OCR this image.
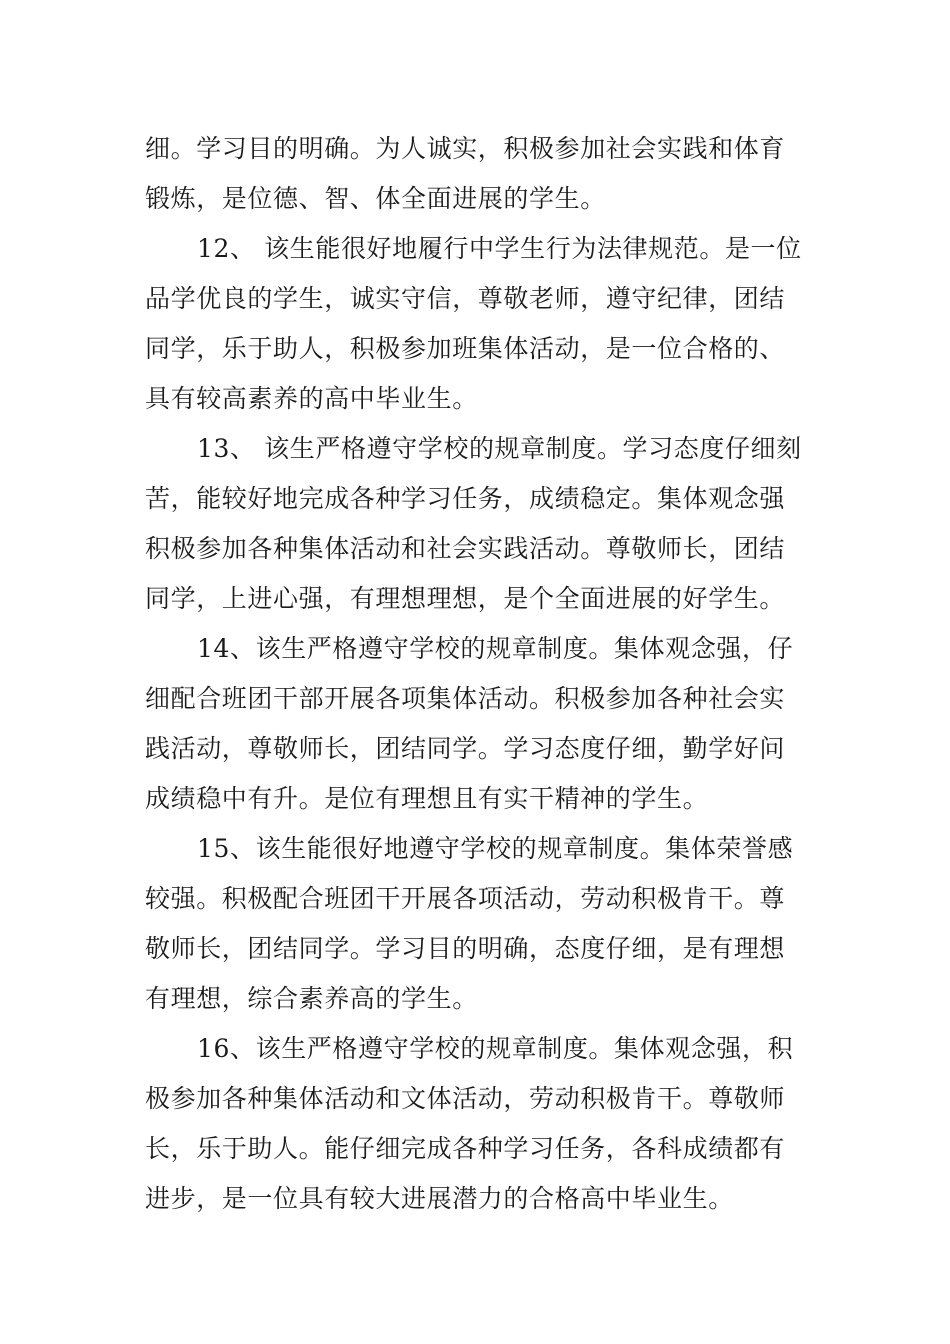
细。学习目的明确。为人诚实，积极参加社会实践和体育
锻炼，是位德、智、体全面进展的学生。
12、 该生能很好地履行中学生行为法律规范。是一位
品学优良的学生，诚实守信，尊敬老师，遵守纪律，团结
同学，乐于助人，积极参加班集体活动，是一位合格的、
具有较高素养的高中毕业生。
13、 该生严格遵守学校的规章制度。学习态度仔细刻
苦，能较好地完成各种学习任务，成绩稳定。集体观念强
积极参加各种集体活动和社会实践活动。尊敬师长，团结
同学，上进心强，有理想理想，是个全面进展的好学生。
14、该生严格遵守学校的规章制度。集体观念强，仔
细配合班团干部开展各项集体活动。积极参加各种社会实
践活动，尊敬师长，团结同学。学习态度仔细，勤学好问
成绩稳中有升。是位有理想且有实干精神的学生。
15、该生能很好地遵守学校的规章制度。集体荣誉感
较强。积极配合班团干开展各项活动，劳动积极肯干。尊
敬师长，团结同学。学习目的明确，态度仔细，是有理想
有理想，综合素养高的学生。
16、该生严格遵守学校的规章制度。集体观念强，积
极参加各种集体活动和文体活动，劳动积极肯干。尊敬师
长，乐于助人。能仔细完成各种学习任务，各科成绩都有
进步，是一位具有较大进展潜力的合格高中毕业生。
